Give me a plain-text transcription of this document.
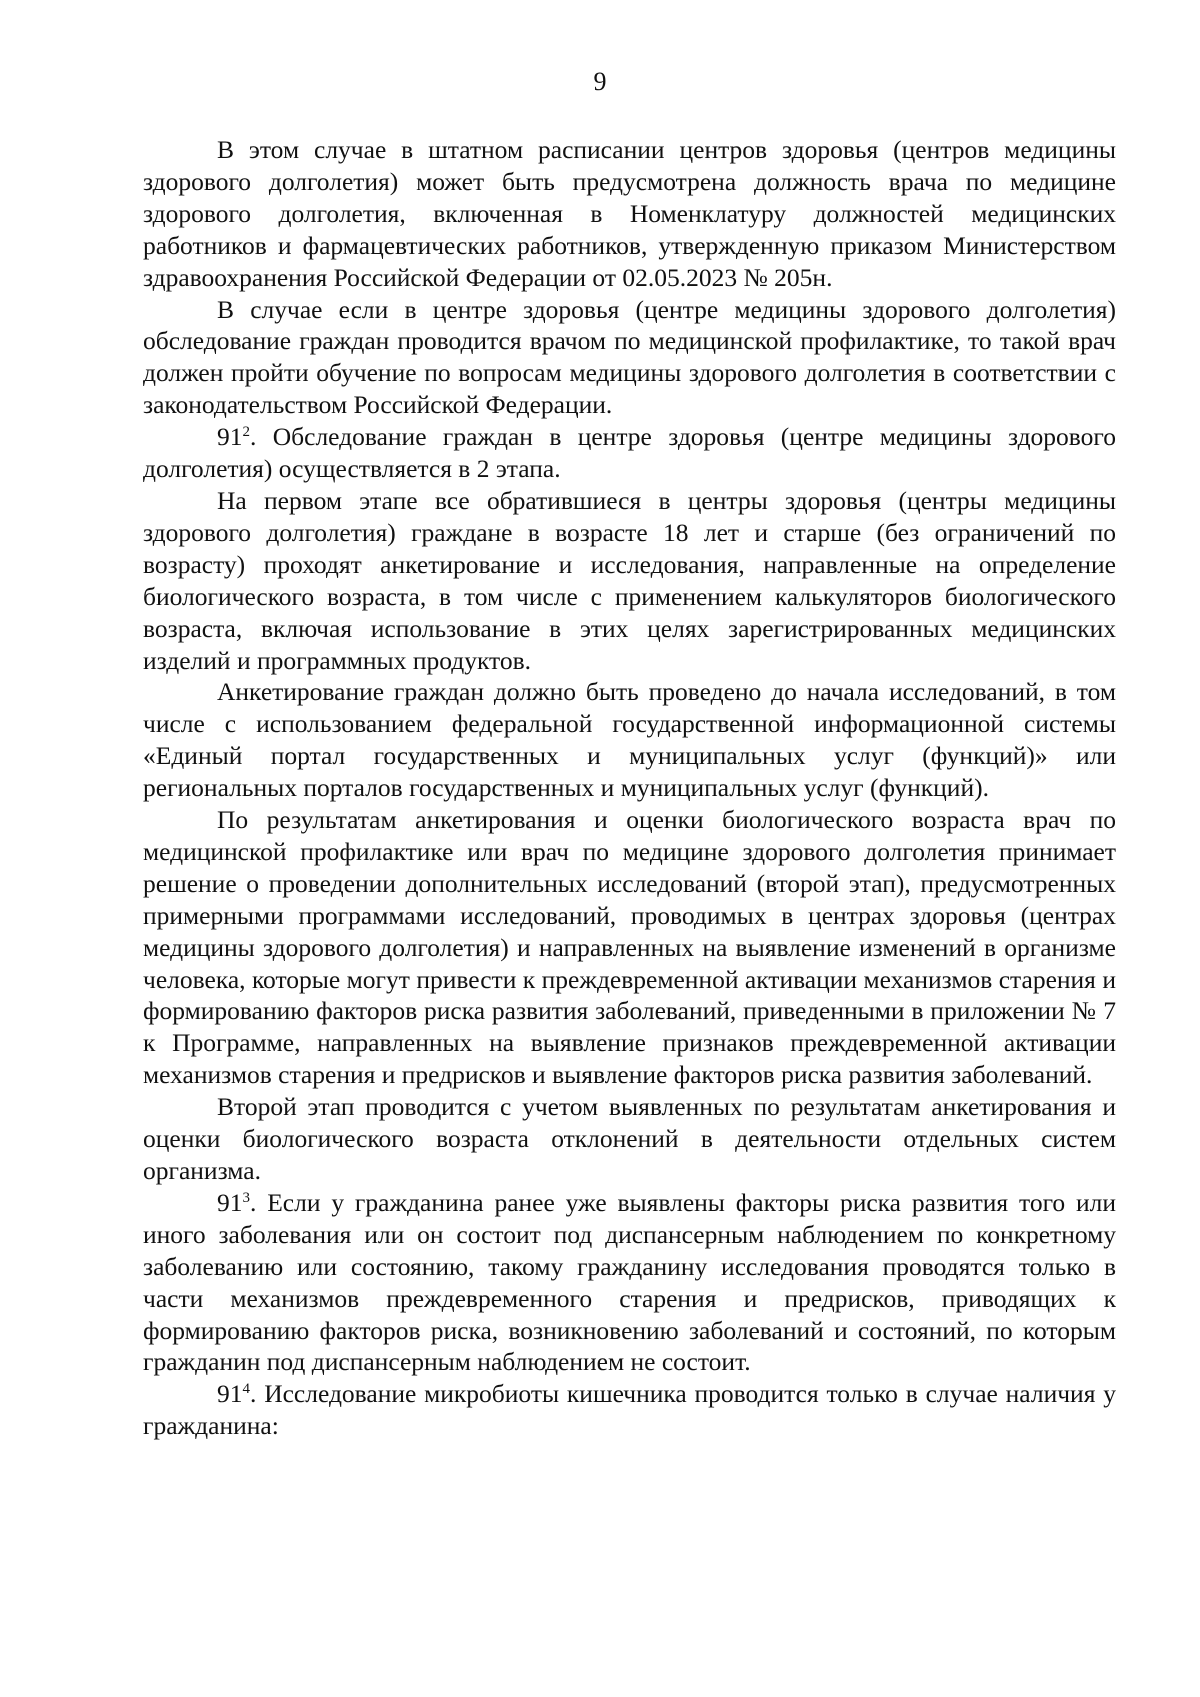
9

В этом случае в штатном расписании центров здоровья (центров медицины здорового долголетия) может быть предусмотрена должность врача по медицине здорового долголетия, включенная в Номенклатуру должностей медицинских работников и фармацевтических работников, утвержденную приказом Министерством здравоохранения Российской Федерации от 02.05.2023 № 205н.

В случае если в центре здоровья (центре медицины здорового долголетия) обследование граждан проводится врачом по медицинской профилактике, то такой врач должен пройти обучение по вопросам медицины здорового долголетия в соответствии с законодательством Российской Федерации.

$91^2$. Обследование граждан в центре здоровья (центре медицины здорового долголетия) осуществляется в 2 этапа.

На первом этапе все обратившиеся в центры здоровья (центры медицины здорового долголетия) граждане в возрасте 18 лет и старше (без ограничений по возрасту) проходят анкетирование и исследования, направленные на определение биологического возраста, в том числе с применением калькуляторов биологического возраста, включая использование в этих целях зарегистрированных медицинских изделий и программных продуктов.

Анкетирование граждан должно быть проведено до начала исследований, в том числе с использованием федеральной государственной информационной системы «Единый портал государственных и муниципальных услуг (функций)» или региональных порталов государственных и муниципальных услуг (функций).

По результатам анкетирования и оценки биологического возраста врач по медицинской профилактике или врач по медицине здорового долголетия принимает решение о проведении дополнительных исследований (второй этап), предусмотренных примерными программами исследований, проводимых в центрах здоровья (центрах медицины здорового долголетия) и направленных на выявление изменений в организме человека, которые могут привести к преждевременной активации механизмов старения и формированию факторов риска развития заболеваний, приведенными в приложении № 7 к Программе, направленных на выявление признаков преждевременной активации механизмов старения и предрисков и выявление факторов риска развития заболеваний.

Второй этап проводится с учетом выявленных по результатам анкетирования и оценки биологического возраста отклонений в деятельности отдельных систем организма.

$91^3$. Если у гражданина ранее уже выявлены факторы риска развития того или иного заболевания или он состоит под диспансерным наблюдением по конкретному заболеванию или состоянию, такому гражданину исследования проводятся только в части механизмов преждевременного старения и предрисков, приводящих к формированию факторов риска, возникновению заболеваний и состояний, по которым гражданин под диспансерным наблюдением не состоит.

$91^4$. Исследование микробиоты кишечника проводится только в случае наличия у гражданина:
